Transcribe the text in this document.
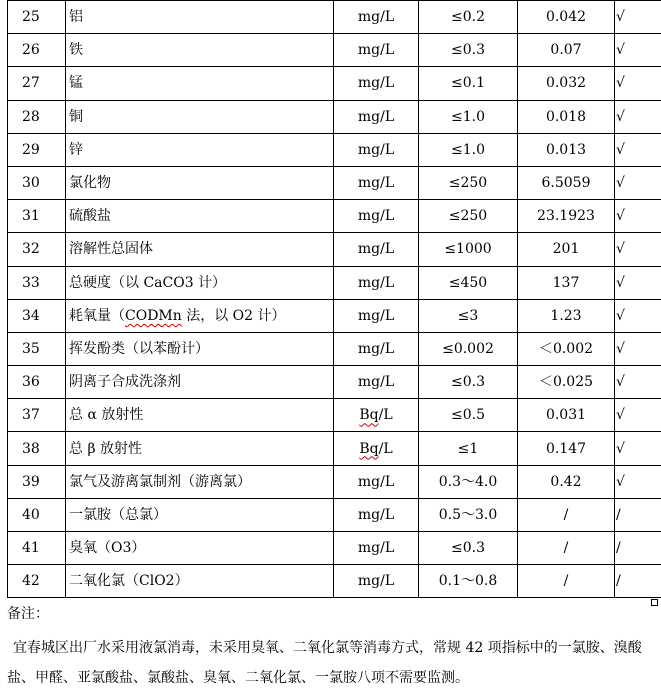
25	铝	mg/L	≤0.2	0.042	√
26	铁	mg/L	≤0.3	0.07	√
27	锰	mg/L	≤0.1	0.032	√
28	铜	mg/L	≤1.0	0.018	√
29	锌	mg/L	≤1.0	0.013	√
30	氯化物	mg/L	≤250	6.5059	√
31	硫酸盐	mg/L	≤250	23.1923	√
32	溶解性总固体	mg/L	≤1000	201	√
33	总硬度（以 CaCO3 计）	mg/L	≤450	137	√
34	耗氧量（CODMn 法，以 O2 计）	mg/L	≤3	1.23	√
35	挥发酚类（以苯酚计）	mg/L	≤0.002	＜0.002	√
36	阴离子合成洗涤剂	mg/L	≤0.3	＜0.025	√
37	总 α 放射性	Bq/L	≤0.5	0.031	√
38	总 β 放射性	Bq/L	≤1	0.147	√
39	氯气及游离氯制剂（游离氯）	mg/L	0.3～4.0	0.42	√
40	一氯胺（总氯）	mg/L	0.5～3.0	/	/
41	臭氧（O3）	mg/L	≤0.3	/	/
42	二氧化氯（ClO2）	mg/L	0.1～0.8	/	/
备注：
宜春城区出厂水采用液氯消毒，未采用臭氧、二氧化氯等消毒方式，常规 42 项指标中的一氯胺、溴酸盐、甲醛、亚氯酸盐、氯酸盐、臭氧、二氧化氯、一氯胺八项不需要监测。
